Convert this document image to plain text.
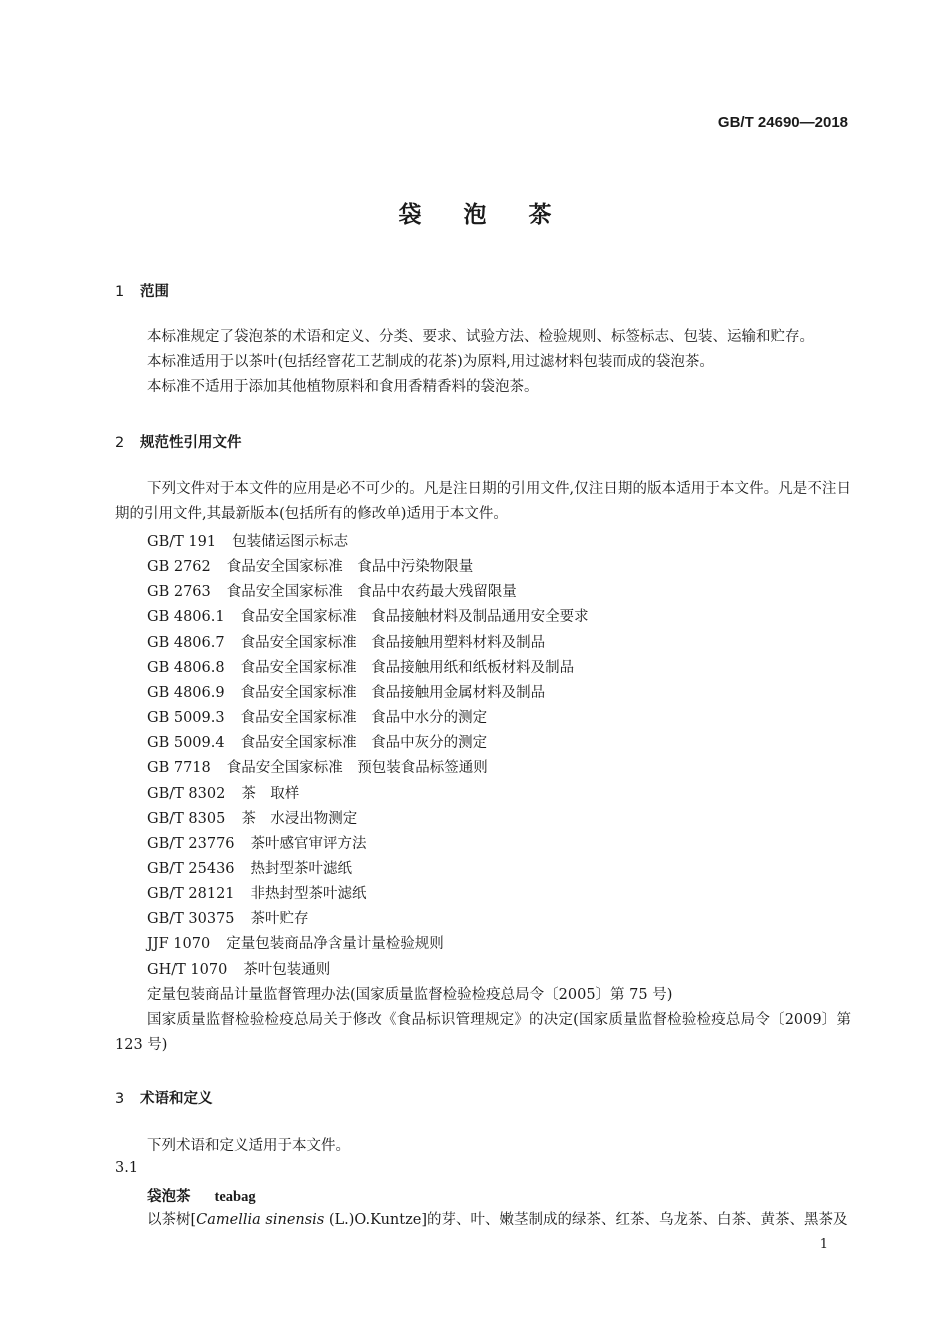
GB/T 24690—2018
袋泡茶
1 范围
本标准规定了袋泡茶的术语和定义、分类、要求、试验方法、检验规则、标签标志、包装、运输和贮存。
本标准适用于以茶叶(包括经窨花工艺制成的花茶)为原料,用过滤材料包装而成的袋泡茶。
本标准不适用于添加其他植物原料和食用香精香料的袋泡茶。
2 规范性引用文件
下列文件对于本文件的应用是必不可少的。凡是注日期的引用文件,仅注日期的版本适用于本文件。凡是不注日期的引用文件,其最新版本(包括所有的修改单)适用于本文件。
GB/T 191 包装储运图示标志
GB 2762 食品安全国家标准　食品中污染物限量
GB 2763 食品安全国家标准　食品中农药最大残留限量
GB 4806.1 食品安全国家标准　食品接触材料及制品通用安全要求
GB 4806.7 食品安全国家标准　食品接触用塑料材料及制品
GB 4806.8 食品安全国家标准　食品接触用纸和纸板材料及制品
GB 4806.9 食品安全国家标准　食品接触用金属材料及制品
GB 5009.3 食品安全国家标准　食品中水分的测定
GB 5009.4 食品安全国家标准　食品中灰分的测定
GB 7718 食品安全国家标准　预包装食品标签通则
GB/T 8302 茶　取样
GB/T 8305 茶　水浸出物测定
GB/T 23776 茶叶感官审评方法
GB/T 25436 热封型茶叶滤纸
GB/T 28121 非热封型茶叶滤纸
GB/T 30375 茶叶贮存
JJF 1070 定量包装商品净含量计量检验规则
GH/T 1070 茶叶包装通则
定量包装商品计量监督管理办法(国家质量监督检验检疫总局令〔2005〕第 75 号)
国家质量监督检验检疫总局关于修改《食品标识管理规定》的决定(国家质量监督检验检疫总局令〔2009〕第 123 号)
3 术语和定义
下列术语和定义适用于本文件。
3.1
袋泡茶 teabag
以茶树[Camellia sinensis (L.)O.Kuntze]的芽、叶、嫩茎制成的绿茶、红茶、乌龙茶、白茶、黄茶、黑茶及
1
